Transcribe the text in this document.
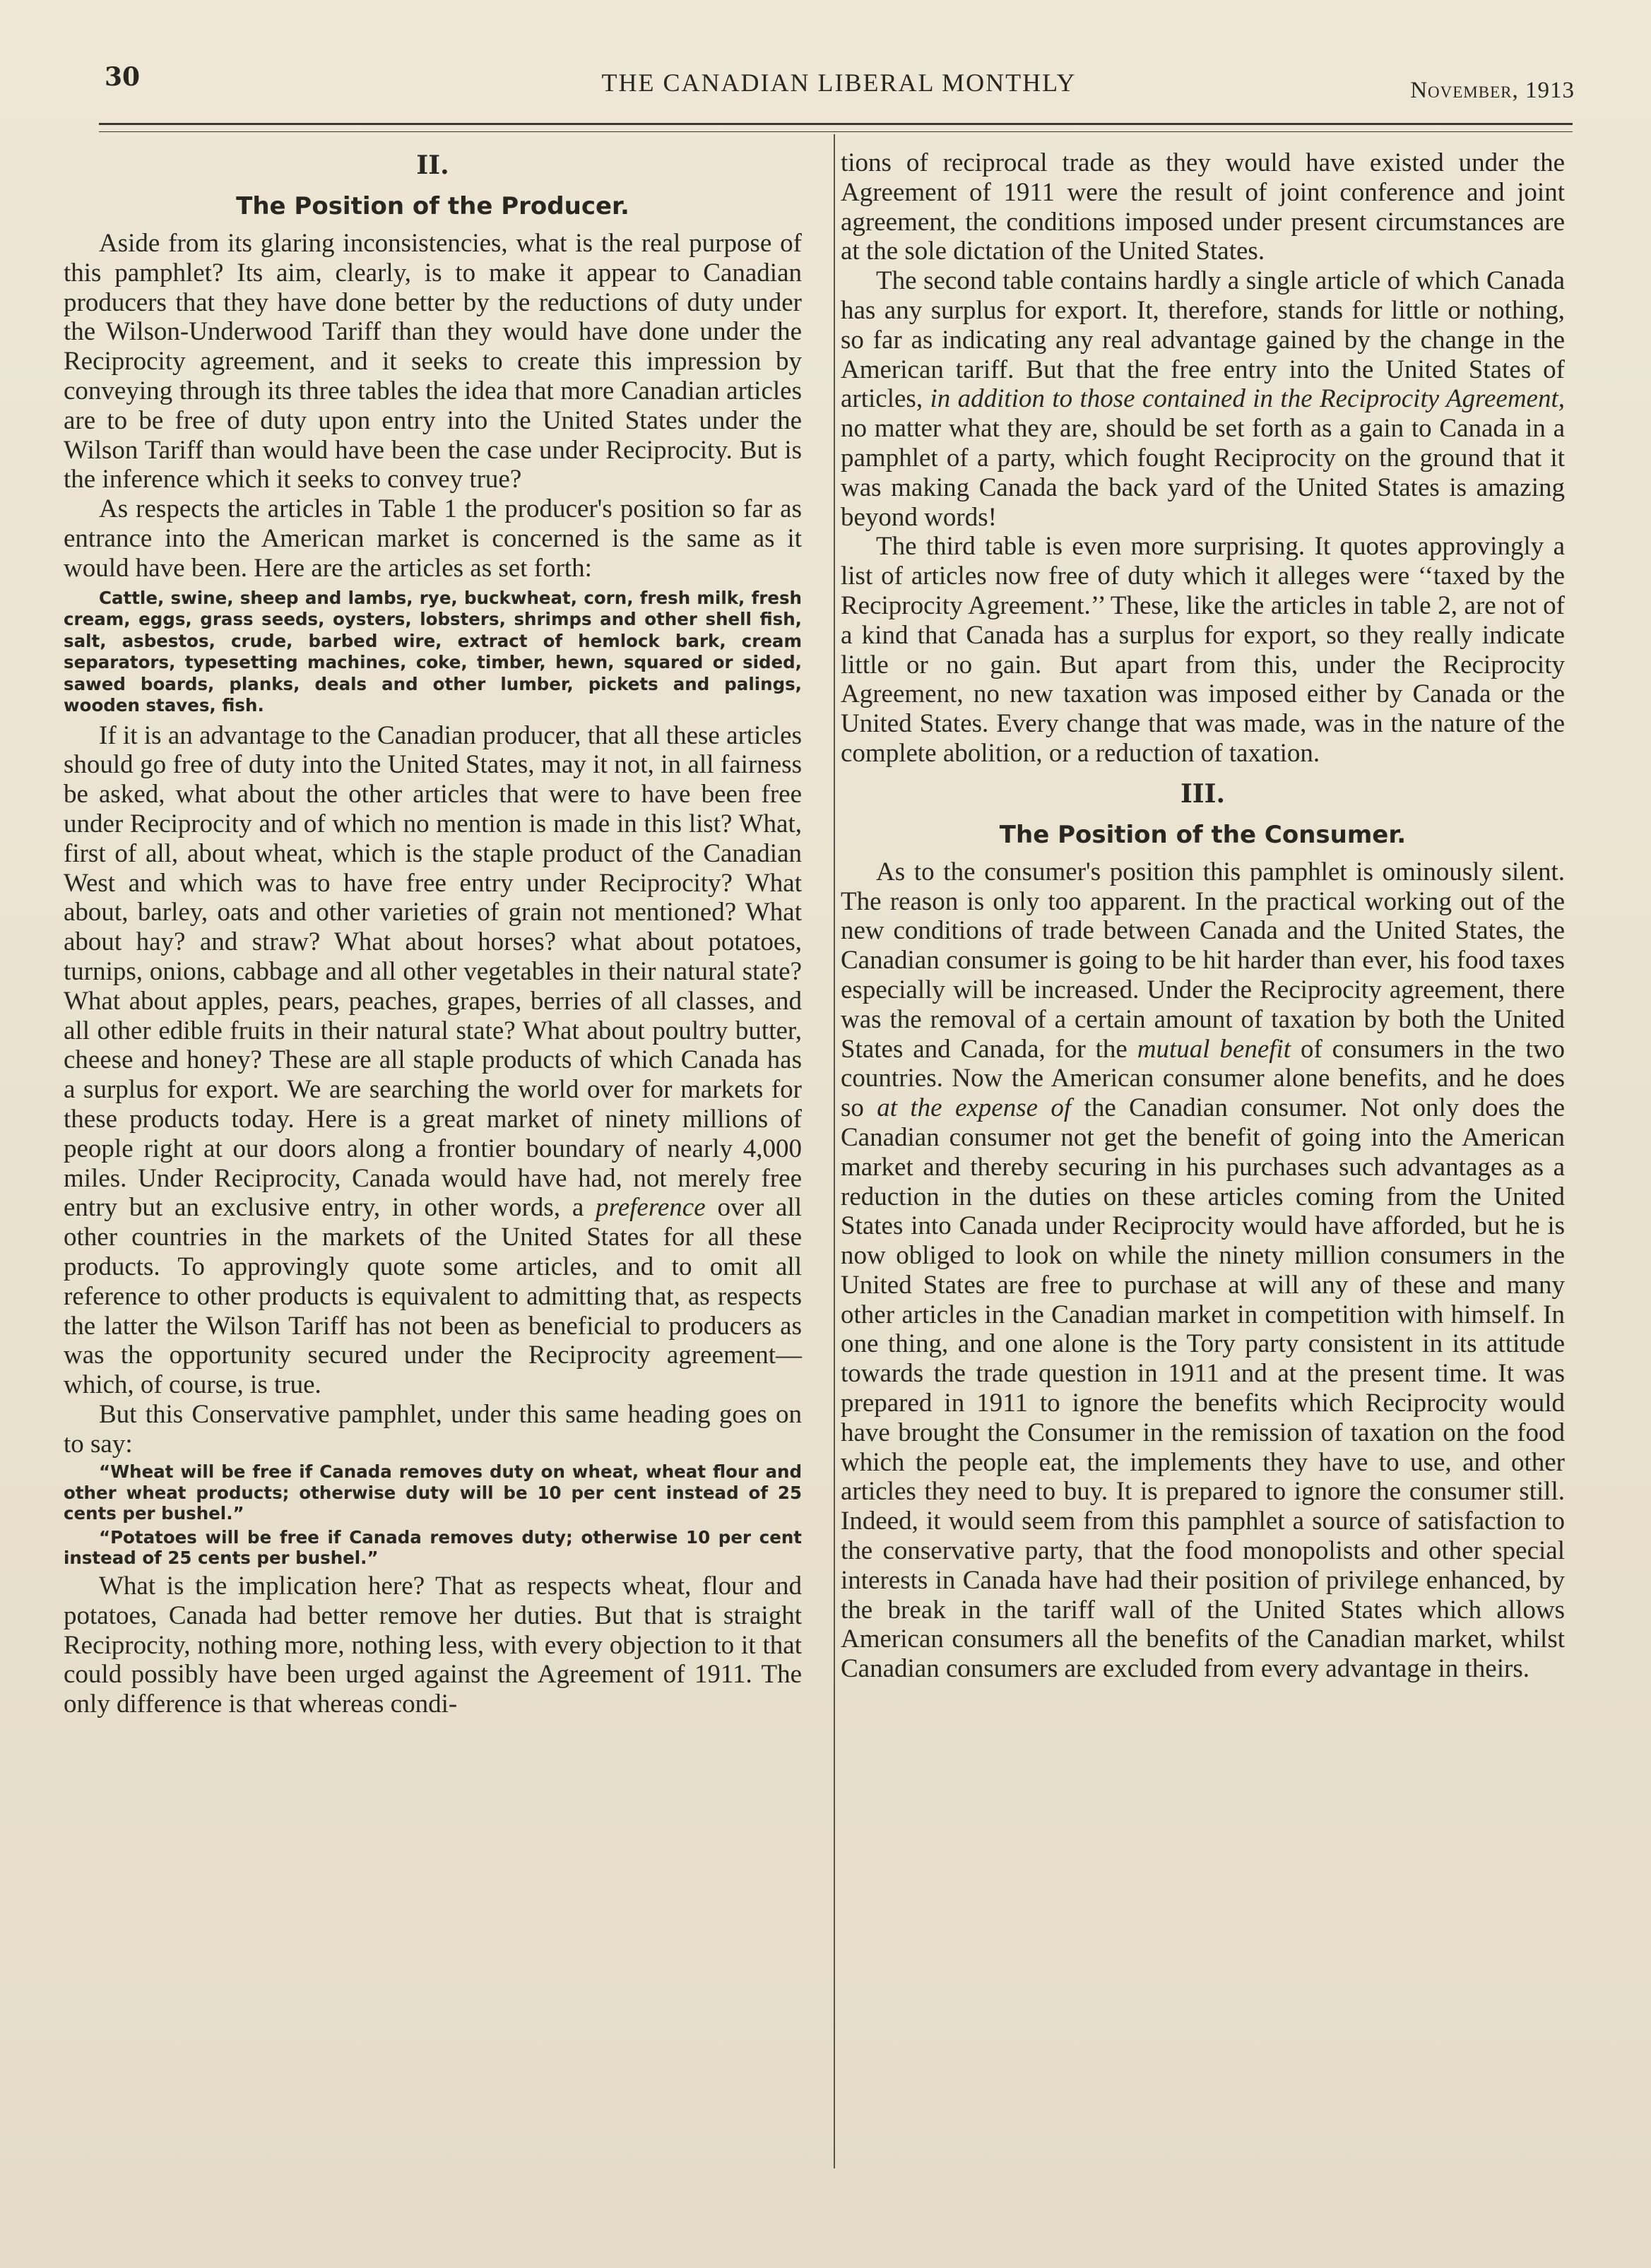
30	THE CANADIAN LIBERAL MONTHLY	November, 1913
II.
The Position of the Producer.

Aside from its glaring inconsistencies, what is the real purpose of this pamphlet? Its aim, clearly, is to make it appear to Canadian producers that they have done better by the reductions of duty under the Wilson-Underwood Tariff than they would have done under the Reciprocity agreement, and it seeks to create this impression by conveying through its three tables the idea that more Canadian articles are to be free of duty upon entry into the United States under the Wilson Tariff than would have been the case under Reciprocity. But is the inference which it seeks to convey true?

As respects the articles in Table 1 the producer's position so far as entrance into the American market is concerned is the same as it would have been. Here are the articles as set forth:

Cattle, swine, sheep and lambs, rye, buckwheat, corn, fresh milk, fresh cream, eggs, grass seeds, oysters, lobsters, shrimps and other shell fish, salt, asbestos, crude, barbed wire, extract of hemlock bark, cream separators, typesetting machines, coke, timber, hewn, squared or sided, sawed boards, planks, deals and other lumber, pickets and palings, wooden staves, fish.

If it is an advantage to the Canadian producer, that all these articles should go free of duty into the United States, may it not, in all fairness be asked, what about the other articles that were to have been free under Reciprocity and of which no mention is made in this list? What, first of all, about wheat, which is the staple product of the Canadian West and which was to have free entry under Reciprocity? What about, barley, oats and other varieties of grain not mentioned? What about hay? and straw? What about horses? what about potatoes, turnips, onions, cabbage and all other vegetables in their natural state? What about apples, pears, peaches, grapes, berries of all classes, and all other edible fruits in their natural state? What about poultry butter, cheese and honey? These are all staple products of which Canada has a surplus for export. We are searching the world over for markets for these products today. Here is a great market of ninety millions of people right at our doors along a frontier boundary of nearly 4,000 miles. Under Reciprocity, Canada would have had, not merely free entry but an exclusive entry, in other words, a preference over all other countries in the markets of the United States for all these products. To approvingly quote some articles, and to omit all reference to other products is equivalent to admitting that, as respects the latter the Wilson Tariff has not been as beneficial to producers as was the opportunity secured under the Reciprocity agreement—which, of course, is true.

But this Conservative pamphlet, under this same heading goes on to say:

“Wheat will be free if Canada removes duty on wheat, wheat flour and other wheat products; otherwise duty will be 10 per cent instead of 25 cents per bushel.”
“Potatoes will be free if Canada removes duty; otherwise 10 per cent instead of 25 cents per bushel.”

What is the implication here? That as respects wheat, flour and potatoes, Canada had better remove her duties. But that is straight Reciprocity, nothing more, nothing less, with every objection to it that could possibly have been urged against the Agreement of 1911. The only difference is that whereas condi-

tions of reciprocal trade as they would have existed under the Agreement of 1911 were the result of joint conference and joint agreement, the conditions imposed under present circumstances are at the sole dictation of the United States.

The second table contains hardly a single article of which Canada has any surplus for export. It, therefore, stands for little or nothing, so far as indicating any real advantage gained by the change in the American tariff. But that the free entry into the United States of articles, in addition to those contained in the Reciprocity Agreement, no matter what they are, should be set forth as a gain to Canada in a pamphlet of a party, which fought Reciprocity on the ground that it was making Canada the back yard of the United States is amazing beyond words!

The third table is even more surprising. It quotes approvingly a list of articles now free of duty which it alleges were ‘‘taxed by the Reciprocity Agreement.’’ These, like the articles in table 2, are not of a kind that Canada has a surplus for export, so they really indicate little or no gain. But apart from this, under the Reciprocity Agreement, no new taxation was imposed either by Canada or the United States. Every change that was made, was in the nature of the complete abolition, or a reduction of taxation.

III.
The Position of the Consumer.

As to the consumer's position this pamphlet is ominously silent. The reason is only too apparent. In the practical working out of the new conditions of trade between Canada and the United States, the Canadian consumer is going to be hit harder than ever, his food taxes especially will be increased. Under the Reciprocity agreement, there was the removal of a certain amount of taxation by both the United States and Canada, for the mutual benefit of consumers in the two countries. Now the American consumer alone benefits, and he does so at the expense of the Canadian consumer. Not only does the Canadian consumer not get the benefit of going into the American market and thereby securing in his purchases such advantages as a reduction in the duties on these articles coming from the United States into Canada under Reciprocity would have afforded, but he is now obliged to look on while the ninety million consumers in the United States are free to purchase at will any of these and many other articles in the Canadian market in competition with himself. In one thing, and one alone is the Tory party consistent in its attitude towards the trade question in 1911 and at the present time. It was prepared in 1911 to ignore the benefits which Reciprocity would have brought the Consumer in the remission of taxation on the food which the people eat, the implements they have to use, and other articles they need to buy. It is prepared to ignore the consumer still. Indeed, it would seem from this pamphlet a source of satisfaction to the conservative party, that the food monopolists and other special interests in Canada have had their position of privilege enhanced, by the break in the tariff wall of the United States which allows American consumers all the benefits of the Canadian market, whilst Canadian consumers are excluded from every advantage in theirs.
